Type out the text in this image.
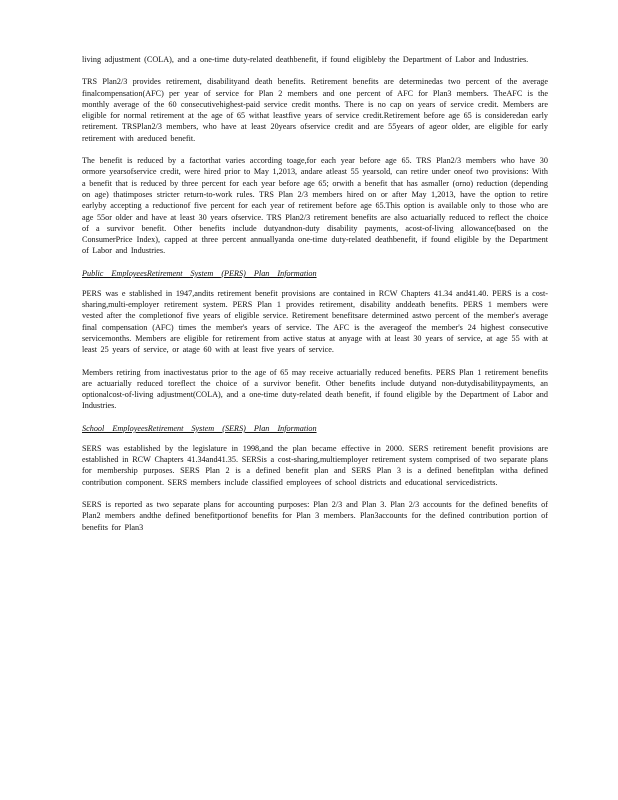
living adjustment (COLA), and a one-time duty-related deathbenefit, if found eligibleby the Department of Labor and Industries.

TRS Plan2/3 provides retirement, disabilityand death benefits. Retirement benefits are determinedas two percent of the average finalcompensation(AFC) per year of service for Plan 2 members and one percent of AFC for Plan3 members. TheAFC is the monthly average of the 60 consecutivehighest-paid service credit months. There is no cap on years of service credit. Members are eligible for normal retirement at the age of 65 withat leastfive years of service credit.Retirement before age 65 is consideredan early retirement. TRSPlan2/3 members, who have at least 20years ofservice credit and are 55years of ageor older, are eligible for early retirement with areduced benefit.

The benefit is reduced by a factorthat varies according toage,for each year before age 65. TRS Plan2/3 members who have 30 ormore yearsofservice credit, were hired prior to May 1,2013, andare atleast 55 yearsold, can retire under oneof two provisions: With a benefit that is reduced by three percent for each year before age 65; orwith a benefit that has asmaller (orno) reduction (depending on age) thatimposes stricter return-to-work rules. TRS Plan 2/3 members hired on or after May 1,2013, have the option to retire earlyby accepting a reductionof five percent for each year of retirement before age 65.This option is available only to those who are age 55or older and have at least 30 years ofservice. TRS Plan2/3 retirement benefits are also actuarially reduced to reflect the choice of a survivor benefit. Other benefits include dutyandnon-duty disability payments, acost-of-living allowance(based on the ConsumerPrice Index), capped at three percent annuallyanda one-time duty-related deathbenefit, if found eligible by the Department of Labor and Industries.

Public EmployeesRetirement System (PERS) Plan Information

PERS was e stablished in 1947,andits retirement benefit provisions are contained in RCW Chapters 41.34 and41.40. PERS is a cost-sharing,multi-employer retirement system. PERS Plan 1 provides retirement, disability anddeath benefits. PERS 1 members were vested after the completionof five years of eligible service. Retirement benefitsare determined astwo percent of the member's average final compensation (AFC) times the member's years of service. The AFC is the averageof the member's 24 highest consecutive servicemonths. Members are eligible for retirement from active status at anyage with at least 30 years of service, at age 55 with at least 25 years of service, or atage 60 with at least five years of service.

Members retiring from inactivestatus prior to the age of 65 may receive actuarially reduced benefits. PERS Plan 1 retirement benefits are actuarially reduced toreflect the choice of a survivor benefit. Other benefits include dutyand non-dutydisabilitypayments, an optionalcost-of-living adjustment(COLA), and a one-time duty-related death benefit, if found eligible by the Department of Labor and Industries.

School EmployeesRetirement System (SERS) Plan Information

SERS was established by the legislature in 1998,and the plan became effective in 2000. SERS retirement benefit provisions are established in RCW Chapters 41.34and41.35. SERSis a cost-sharing,multiemployer retirement system comprised of two separate plans for membership purposes. SERS Plan 2 is a defined benefit plan and SERS Plan 3 is a defined benefitplan witha defined contribution component. SERS members include classified employees of school districts and educational servicedistricts.

SERS is reported as two separate plans for accounting purposes: Plan 2/3 and Plan 3. Plan 2/3 accounts for the defined benefits of Plan2 members andthe defined benefitportionof benefits for Plan 3 members. Plan3accounts for the defined contribution portion of benefits for Plan3
